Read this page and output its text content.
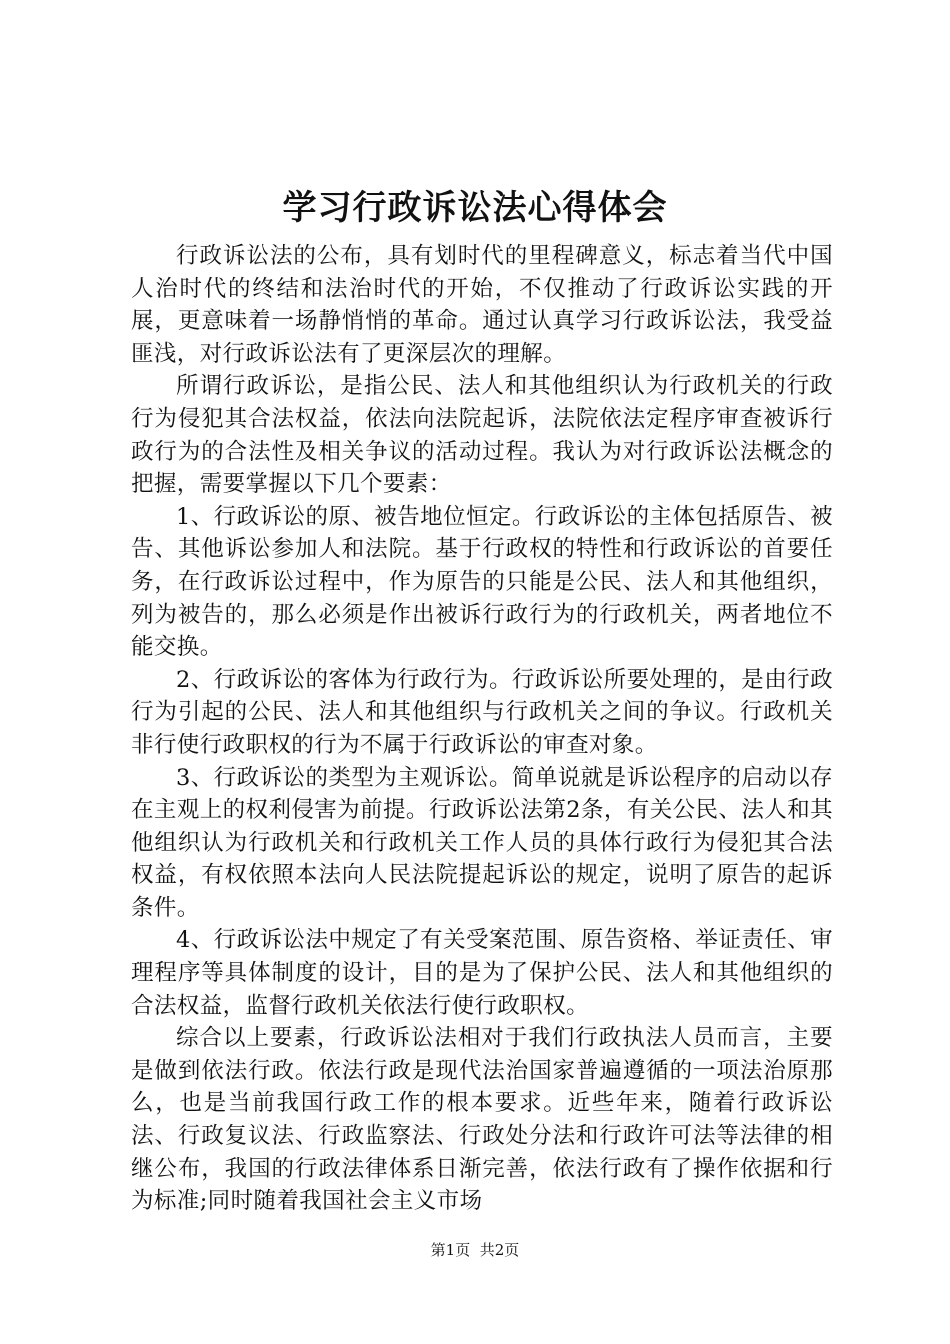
学习行政诉讼法心得体会

行政诉讼法的公布，具有划时代的里程碑意义，标志着当代中国人治时代的终结和法治时代的开始，不仅推动了行政诉讼实践的开展，更意味着一场静悄悄的革命。通过认真学习行政诉讼法，我受益匪浅，对行政诉讼法有了更深层次的理解。

所谓行政诉讼，是指公民、法人和其他组织认为行政机关的行政行为侵犯其合法权益，依法向法院起诉，法院依法定程序审查被诉行政行为的合法性及相关争议的活动过程。我认为对行政诉讼法概念的把握，需要掌握以下几个要素：

1、行政诉讼的原、被告地位恒定。行政诉讼的主体包括原告、被告、其他诉讼参加人和法院。基于行政权的特性和行政诉讼的首要任务，在行政诉讼过程中，作为原告的只能是公民、法人和其他组织，列为被告的，那么必须是作出被诉行政行为的行政机关，两者地位不能交换。

2、行政诉讼的客体为行政行为。行政诉讼所要处理的，是由行政行为引起的公民、法人和其他组织与行政机关之间的争议。行政机关非行使行政职权的行为不属于行政诉讼的审查对象。

3、行政诉讼的类型为主观诉讼。简单说就是诉讼程序的启动以存在主观上的权利侵害为前提。行政诉讼法第2条，有关公民、法人和其他组织认为行政机关和行政机关工作人员的具体行政行为侵犯其合法权益，有权依照本法向人民法院提起诉讼的规定，说明了原告的起诉条件。

4、行政诉讼法中规定了有关受案范围、原告资格、举证责任、审理程序等具体制度的设计，目的是为了保护公民、法人和其他组织的合法权益，监督行政机关依法行使行政职权。

综合以上要素，行政诉讼法相对于我们行政执法人员而言，主要是做到依法行政。依法行政是现代法治国家普遍遵循的一项法治原那么，也是当前我国行政工作的根本要求。近些年来，随着行政诉讼法、行政复议法、行政监察法、行政处分法和行政许可法等法律的相继公布，我国的行政法律体系日渐完善，依法行政有了操作依据和行为标准;同时随着我国社会主义市场

第1页 共2页
